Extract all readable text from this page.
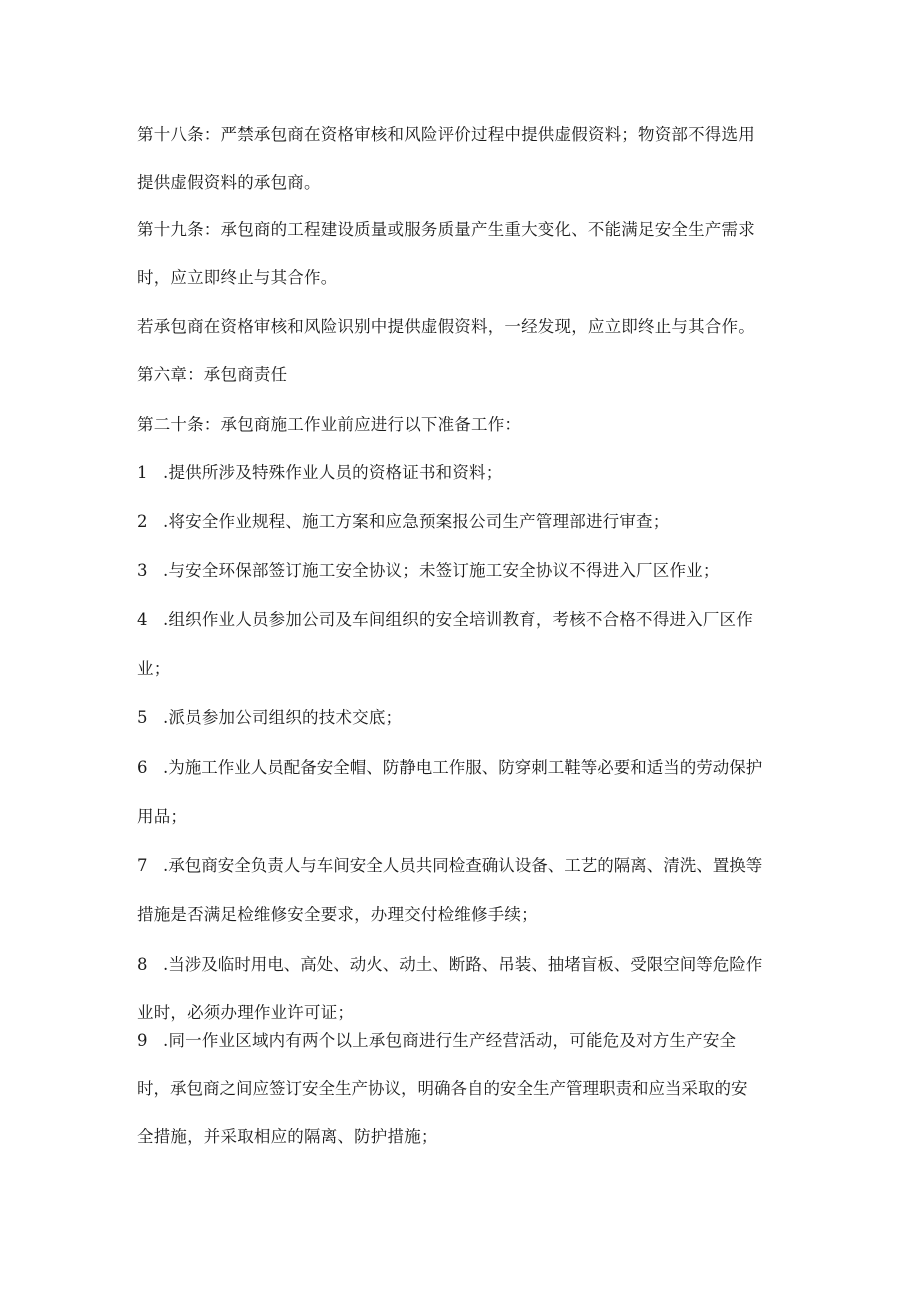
第十八条：严禁承包商在资格审核和风险评价过程中提供虚假资料；物资部不得选用
提供虚假资料的承包商。
第十九条：承包商的工程建设质量或服务质量产生重大变化、不能满足安全生产需求
时，应立即终止与其合作。
若承包商在资格审核和风险识别中提供虚假资料，一经发现，应立即终止与其合作。
第六章：承包商责任
第二十条：承包商施工作业前应进行以下准备工作：
1 .提供所涉及特殊作业人员的资格证书和资料；
2 .将安全作业规程、施工方案和应急预案报公司生产管理部进行审查；
3 .与安全环保部签订施工安全协议；未签订施工安全协议不得进入厂区作业；
4 .组织作业人员参加公司及车间组织的安全培训教育，考核不合格不得进入厂区作
业；
5 .派员参加公司组织的技术交底；
6 .为施工作业人员配备安全帽、防静电工作服、防穿刺工鞋等必要和适当的劳动保护
用品；
7 .承包商安全负责人与车间安全人员共同检查确认设备、工艺的隔离、清洗、置换等
措施是否满足检维修安全要求，办理交付检维修手续；
8 .当涉及临时用电、高处、动火、动土、断路、吊装、抽堵盲板、受限空间等危险作
业时，必须办理作业许可证；
9 .同一作业区域内有两个以上承包商进行生产经营活动，可能危及对方生产安全
时，承包商之间应签订安全生产协议，明确各自的安全生产管理职责和应当采取的安
全措施，并采取相应的隔离、防护措施；
